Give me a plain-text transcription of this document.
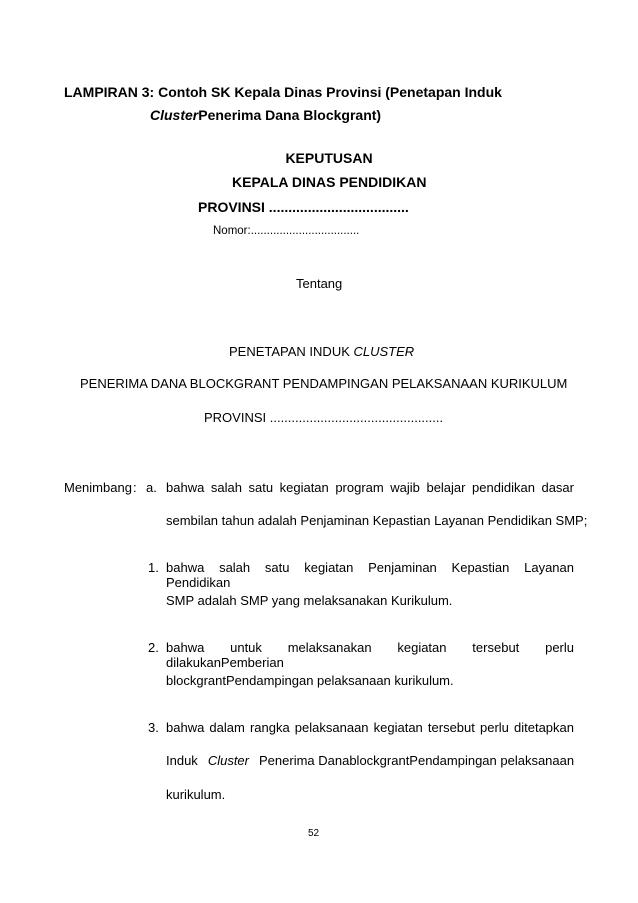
LAMPIRAN 3: Contoh SK Kepala Dinas Provinsi (Penetapan Induk
ClusterPenerima Dana Blockgrant)
KEPUTUSAN
KEPALA DINAS PENDIDIKAN
PROVINSI ....................................
Nomor:..................................
Tentang
PENETAPAN INDUK CLUSTER
PENERIMA DANA BLOCKGRANT PENDAMPINGAN PELAKSANAAN KURIKULUM
PROVINSI ................................................
Menimbang : a. bahwa salah satu kegiatan program wajib belajar pendidikan dasar
sembilan tahun adalah Penjaminan Kepastian Layanan Pendidikan SMP;
1. bahwa salah satu kegiatan Penjaminan Kepastian Layanan Pendidikan
SMP adalah SMP yang melaksanakan Kurikulum.
2. bahwa untuk melaksanakan kegiatan tersebut perlu dilakukanPemberian
blockgrantPendampingan pelaksanaan kurikulum.
3. bahwa dalam rangka pelaksanaan kegiatan tersebut perlu ditetapkan
Induk Cluster Penerima DanablockgrantPendampingan pelaksanaan
kurikulum.
52
